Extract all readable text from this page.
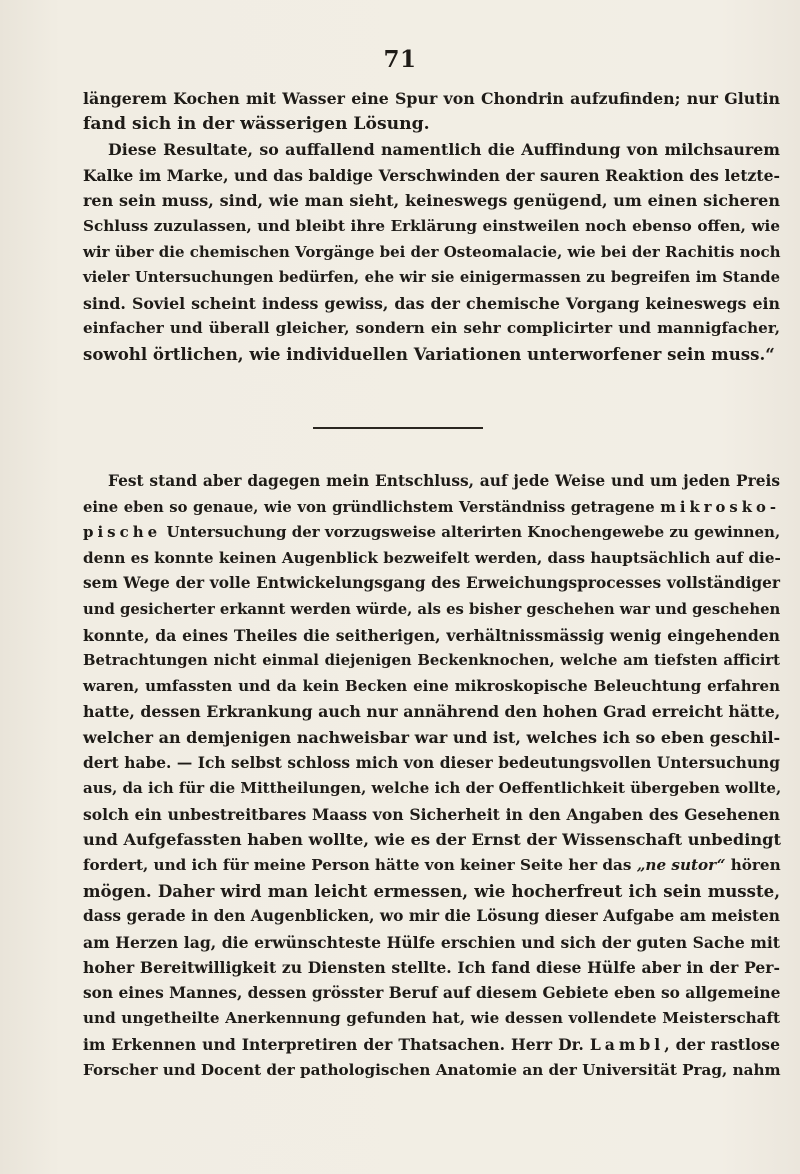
71
längerem Kochen mit Wasser eine Spur von Chondrin aufzufinden; nur Glutin
fand sich in der wässerigen Lösung.
Diese Resultate, so auffallend namentlich die Auffindung von milchsaurem
Kalke im Marke, und das baldige Verschwinden der sauren Reaktion des letzte-
ren sein muss, sind, wie man sieht, keineswegs genügend, um einen sicheren
Schluss zuzulassen, und bleibt ihre Erklärung einstweilen noch ebenso offen, wie
wir über die chemischen Vorgänge bei der Osteomalacie, wie bei der Rachitis noch
vieler Untersuchungen bedürfen, ehe wir sie einigermassen zu begreifen im Stande
sind. Soviel scheint indess gewiss, das der chemische Vorgang keineswegs ein
einfacher und überall gleicher, sondern ein sehr complicirter und mannigfacher,
sowohl örtlichen, wie individuellen Variationen unterworfener sein muss.“
Fest stand aber dagegen mein Entschluss, auf jede Weise und um jeden Preis
eine eben so genaue, wie von gründlichstem Verständniss getragene mikrosko-
pische Untersuchung der vorzugsweise alterirten Knochengewebe zu gewinnen,
denn es konnte keinen Augenblick bezweifelt werden, dass hauptsächlich auf die-
sem Wege der volle Entwickelungsgang des Erweichungsprocesses vollständiger
und gesicherter erkannt werden würde, als es bisher geschehen war und geschehen
konnte, da eines Theiles die seitherigen, verhältnissmässig wenig eingehenden
Betrachtungen nicht einmal diejenigen Beckenknochen, welche am tiefsten afficirt
waren, umfassten und da kein Becken eine mikroskopische Beleuchtung erfahren
hatte, dessen Erkrankung auch nur annährend den hohen Grad erreicht hätte,
welcher an demjenigen nachweisbar war und ist, welches ich so eben geschil-
dert habe. — Ich selbst schloss mich von dieser bedeutungsvollen Untersuchung
aus, da ich für die Mittheilungen, welche ich der Oeffentlichkeit übergeben wollte,
solch ein unbestreitbares Maass von Sicherheit in den Angaben des Gesehenen
und Aufgefassten haben wollte, wie es der Ernst der Wissenschaft unbedingt
fordert, und ich für meine Person hätte von keiner Seite her das „ne sutor“ hören
mögen. Daher wird man leicht ermessen, wie hocherfreut ich sein musste,
dass gerade in den Augenblicken, wo mir die Lösung dieser Aufgabe am meisten
am Herzen lag, die erwünschteste Hülfe erschien und sich der guten Sache mit
hoher Bereitwilligkeit zu Diensten stellte. Ich fand diese Hülfe aber in der Per-
son eines Mannes, dessen grösster Beruf auf diesem Gebiete eben so allgemeine
und ungetheilte Anerkennung gefunden hat, wie dessen vollendete Meisterschaft
im Erkennen und Interpretiren der Thatsachen. Herr Dr. Lambl, der rastlose
Forscher und Docent der pathologischen Anatomie an der Universität Prag, nahm
